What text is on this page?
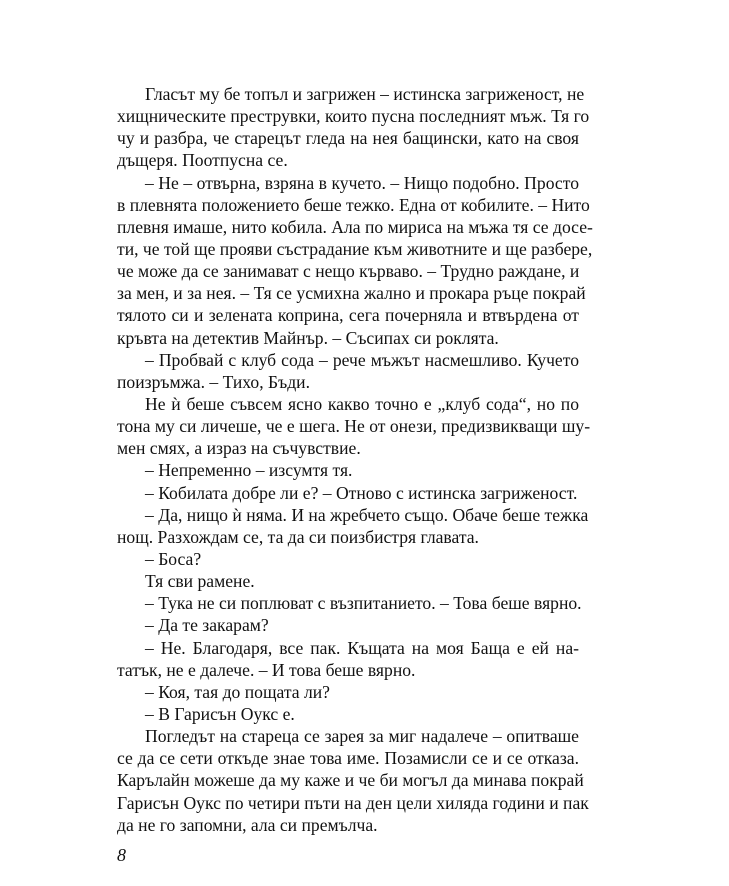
Гласът му бе топъл и загрижен – истинска загриженост, не
хищническите преструвки, които пусна последният мъж. Тя го
чу и разбра, че старецът гледа на нея бащински, като на своя
дъщеря. Поотпусна се.
– Не – отвърна, взряна в кучето. – Нищо подобно. Просто
в плевнята положението беше тежко. Една от кобилите. – Нито
плевня имаше, нито кобила. Ала по мириса на мъжа тя се досе-
ти, че той ще прояви състрадание към животните и ще разбере,
че може да се занимават с нещо кърваво. – Трудно раждане, и
за мен, и за нея. – Тя се усмихна жално и прокара ръце покрай
тялото си и зелената коприна, сега почерняла и втвърдена от
кръвта на детектив Майнър. – Съсипах си роклята.
– Пробвай с клуб сода – рече мъжът насмешливо. Кучето
поизръмжа. – Тихо, Бъди.
Не ѝ беше съвсем ясно какво точно е „клуб сода“, но по
тона му си личеше, че е шега. Не от онези, предизвикващи шу-
мен смях, а израз на съчувствие.
– Непременно – изсумтя тя.
– Кобилата добре ли е? – Отново с истинска загриженост.
– Да, нищо ѝ няма. И на жребчето също. Обаче беше тежка
нощ. Разхождам се, та да си поизбистря главата.
– Боса?
Тя сви рамене.
– Тука не си поплюват с възпитанието. – Това беше вярно.
– Да те закарам?
– Не. Благодаря, все пак. Къщата на моя Баща е ей на-
татък, не е далече. – И това беше вярно.
– Коя, тая до пощата ли?
– В Гарисън Оукс е.
Погледът на стареца се зарея за миг надалече – опитваше
се да се сети откъде знае това име. Позамисли се и се отказа.
Карълайн можеше да му каже и че би могъл да минава покрай
Гарисън Оукс по четири пъти на ден цели хиляда години и пак
да не го запомни, ала си премълча.
8
